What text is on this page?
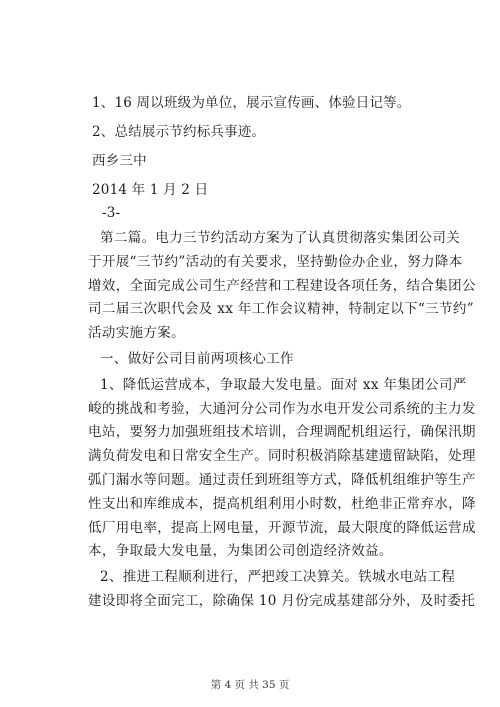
1、16 周以班级为单位，展示宣传画、体验日记等。
2、总结展示节约标兵事迹。
西乡三中
2014 年 1 月 2 日
-3-
第二篇。电力三节约活动方案为了认真贯彻落实集团公司关
于开展“三节约”活动的有关要求，坚持勤俭办企业，努力降本
增效，全面完成公司生产经营和工程建设各项任务，结合集团公
司二届三次职代会及 xx 年工作会议精神，特制定以下“三节约”
活动实施方案。
一、做好公司目前两项核心工作
1、降低运营成本，争取最大发电量。面对 xx 年集团公司严
峻的挑战和考验，大通河分公司作为水电开发公司系统的主力发
电站，要努力加强班组技术培训，合理调配机组运行，确保汛期
满负荷发电和日常安全生产。同时积极消除基建遗留缺陷，处理
弧门漏水等问题。通过责任到班组等方式，降低机组维护等生产
性支出和库维成本，提高机组利用小时数，杜绝非正常弃水，降
低厂用电率，提高上网电量，开源节流，最大限度的降低运营成
本，争取最大发电量，为集团公司创造经济效益。
2、推进工程顺利进行，严把竣工决算关。铁城水电站工程
建设即将全面完工，除确保 10 月份完成基建部分外，及时委托
第 4 页 共 35 页
